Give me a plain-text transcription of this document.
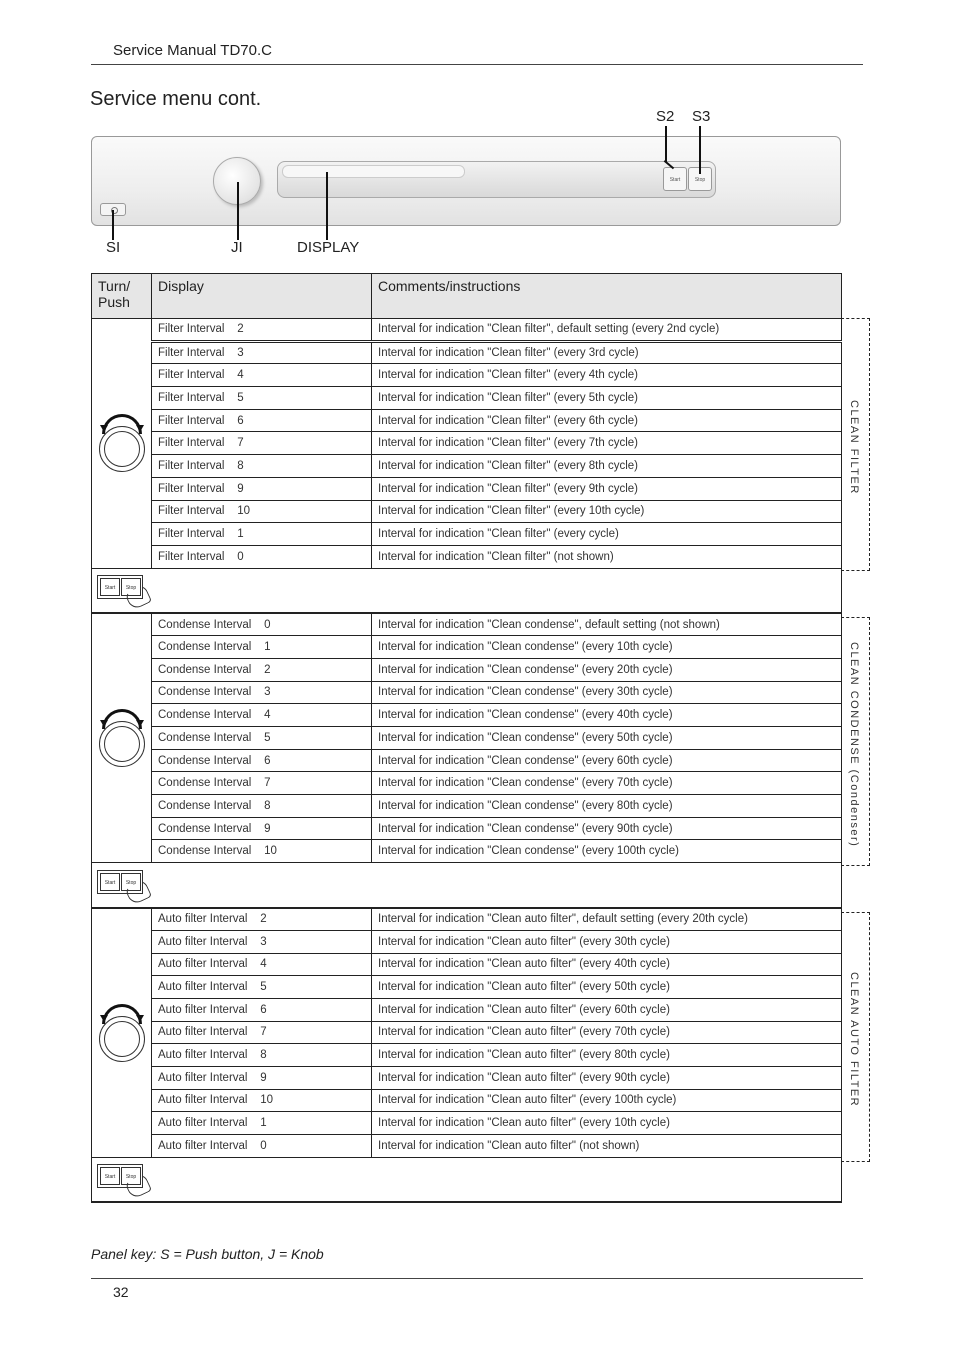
Service Manual TD70.C
Service menu cont.
Start	Stop
SI	JI	DISPLAY
S2 S3
Turn/
Push	Display	Comments/instructions

	Filter Interval    2	Interval for indication "Clean filter", default setting (every 2nd cycle)
	Filter Interval    3	Interval for indication "Clean filter" (every 3rd cycle)
	Filter Interval    4	Interval for indication "Clean filter" (every 4th cycle)
	Filter Interval    5	Interval for indication "Clean filter" (every 5th cycle)
	Filter Interval    6	Interval for indication "Clean filter" (every 6th cycle)
	Filter Interval    7	Interval for indication "Clean filter" (every 7th cycle)
	Filter Interval    8	Interval for indication "Clean filter" (every 8th cycle)
	Filter Interval    9	Interval for indication "Clean filter" (every 9th cycle)
	Filter Interval    10	Interval for indication "Clean filter" (every 10th cycle)
	Filter Interval    1	Interval for indication "Clean filter" (every cycle)
	Filter Interval    0	Interval for indication "Clean filter" (not shown)

Start Stop		

	Condense Interval    0	Interval for indication "Clean condense", default setting (not shown)
	Condense Interval    1	Interval for indication "Clean condense" (every 10th cycle)
	Condense Interval    2	Interval for indication "Clean condense" (every 20th cycle)
	Condense Interval    3	Interval for indication "Clean condense" (every 30th cycle)
	Condense Interval    4	Interval for indication "Clean condense" (every 40th cycle)
	Condense Interval    5	Interval for indication "Clean condense" (every 50th cycle)
	Condense Interval    6	Interval for indication "Clean condense" (every 60th cycle)
	Condense Interval    7	Interval for indication "Clean condense" (every 70th cycle)
	Condense Interval    8	Interval for indication "Clean condense" (every 80th cycle)
	Condense Interval    9	Interval for indication "Clean condense" (every 90th cycle)
	Condense Interval    10	Interval for indication "Clean condense" (every 100th cycle)

Start Stop		

	Auto filter Interval    2	Interval for indication "Clean auto filter", default setting (every 20th cycle)
	Auto filter Interval    3	Interval for indication "Clean auto filter" (every 30th cycle)
	Auto filter Interval    4	Interval for indication "Clean auto filter" (every 40th cycle)
	Auto filter Interval    5	Interval for indication "Clean auto filter" (every 50th cycle)
	Auto filter Interval    6	Interval for indication "Clean auto filter" (every 60th cycle)
	Auto filter Interval    7	Interval for indication "Clean auto filter" (every 70th cycle)
	Auto filter Interval    8	Interval for indication "Clean auto filter" (every 80th cycle)
	Auto filter Interval    9	Interval for indication "Clean auto filter" (every 90th cycle)
	Auto filter Interval    10	Interval for indication "Clean auto filter" (every 100th cycle)
	Auto filter Interval    1	Interval for indication "Clean auto filter" (every 10th cycle)
	Auto filter Interval    0	Interval for indication "Clean auto filter" (not shown)

Start Stop		
CLEAN FILTER
CLEAN CONDENSE (Condenser)
CLEAN AUTO FILTER
Panel key: S = Push button, J = Knob
32
